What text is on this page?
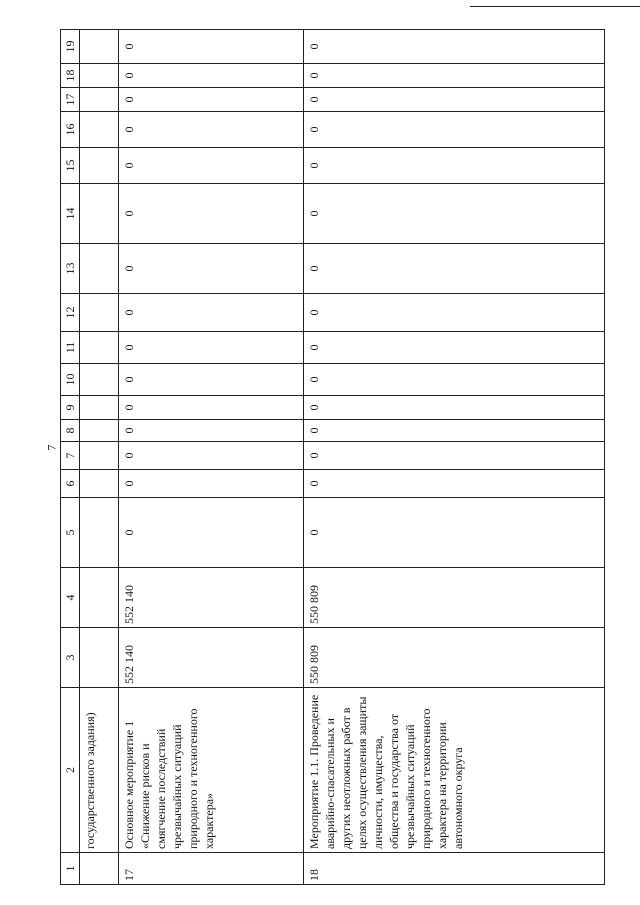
7
1	2	3	4	5	6	7	8	9	10	11	12	13	14	15	16	17	18	19
	государственного задания)																	
17	Основное мероприятие 1 «Снижение рисков и смягчение последствий чрезвычайных ситуаций природного и техногенного характера»	552 140	552 140	0	0	0	0	0	0	0	0	0	0	0	0	0	0	0
18	Мероприятие 1.1. Проведение аварийно-спасательных и других неотложных работ в целях осуществления защиты личности, имущества, общества и государства от чрезвычайных ситуаций природного и техногенного характера на территории автономного округа	550 809	550 809	0	0	0	0	0	0	0	0	0	0	0	0	0	0	0
